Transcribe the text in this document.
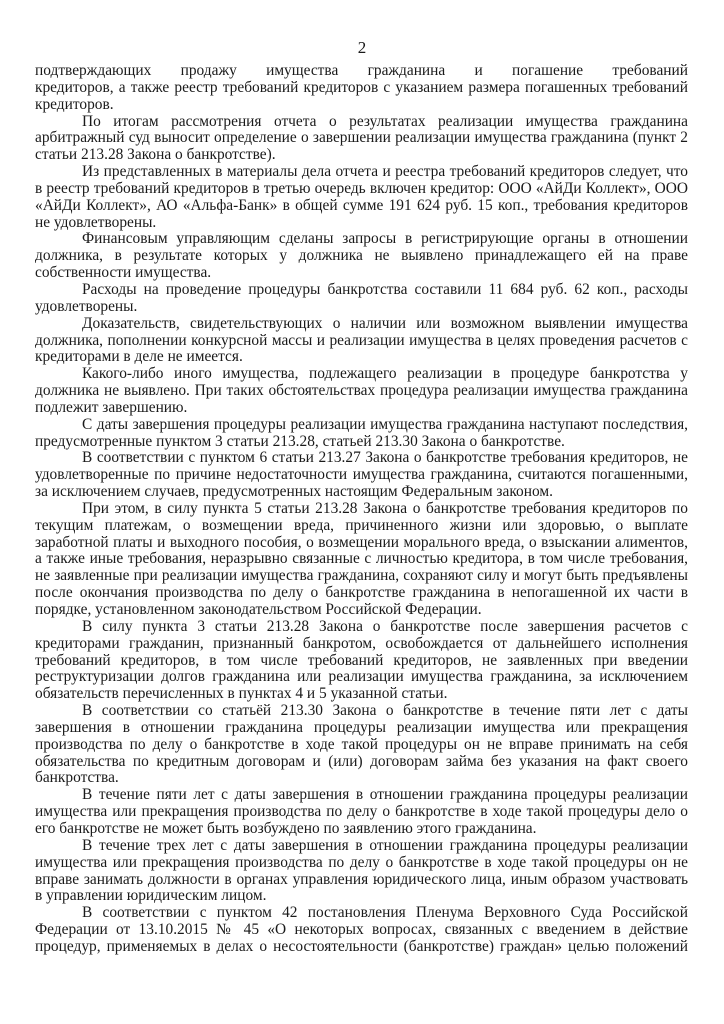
2
подтверждающих продажу имущества гражданина и погашение требований
кредиторов, а также реестр требований кредиторов с указанием размера погашенных требований
кредиторов.
По итогам рассмотрения отчета о результатах реализации имущества гражданина
арбитражный суд выносит определение о завершении реализации имущества гражданина (пункт 2
статьи 213.28 Закона о банкротстве).
Из представленных в материалы дела отчета и реестра требований кредиторов следует, что
в реестр требований кредиторов в третью очередь включен кредитор: ООО «АйДи Коллект», ООО
«АйДи Коллект», АО «Альфа-Банк» в общей сумме 191 624 руб. 15 коп., требования кредиторов
не удовлетворены.
Финансовым управляющим сделаны запросы в регистрирующие органы в отношении
должника, в результате которых у должника не выявлено принадлежащего ей на праве
собственности имущества.
Расходы на проведение процедуры банкротства составили 11 684 руб. 62 коп., расходы
удовлетворены.
Доказательств, свидетельствующих о наличии или возможном выявлении имущества
должника, пополнении конкурсной массы и реализации имущества в целях проведения расчетов с
кредиторами в деле не имеется.
Какого-либо иного имущества, подлежащего реализации в процедуре банкротства у
должника не выявлено. При таких обстоятельствах процедура реализации имущества гражданина
подлежит завершению.
С даты завершения процедуры реализации имущества гражданина наступают последствия,
предусмотренные пунктом 3 статьи 213.28, статьей 213.30 Закона о банкротстве.
В соответствии с пунктом 6 статьи 213.27 Закона о банкротстве требования кредиторов, не
удовлетворенные по причине недостаточности имущества гражданина, считаются погашенными,
за исключением случаев, предусмотренных настоящим Федеральным законом.
При этом, в силу пункта 5 статьи 213.28 Закона о банкротстве требования кредиторов по
текущим платежам, о возмещении вреда, причиненного жизни или здоровью, о выплате
заработной платы и выходного пособия, о возмещении морального вреда, о взыскании алиментов,
а также иные требования, неразрывно связанные с личностью кредитора, в том числе требования,
не заявленные при реализации имущества гражданина, сохраняют силу и могут быть предъявлены
после окончания производства по делу о банкротстве гражданина в непогашенной их части в
порядке, установленном законодательством Российской Федерации.
В силу пункта 3 статьи 213.28 Закона о банкротстве после завершения расчетов с
кредиторами гражданин, признанный банкротом, освобождается от дальнейшего исполнения
требований кредиторов, в том числе требований кредиторов, не заявленных при введении
реструктуризации долгов гражданина или реализации имущества гражданина, за исключением
обязательств перечисленных в пунктах 4 и 5 указанной статьи.
В соответствии со статьёй 213.30 Закона о банкротстве в течение пяти лет с даты
завершения в отношении гражданина процедуры реализации имущества или прекращения
производства по делу о банкротстве в ходе такой процедуры он не вправе принимать на себя
обязательства по кредитным договорам и (или) договорам займа без указания на факт своего
банкротства.
В течение пяти лет с даты завершения в отношении гражданина процедуры реализации
имущества или прекращения производства по делу о банкротстве в ходе такой процедуры дело о
его банкротстве не может быть возбуждено по заявлению этого гражданина.
В течение трех лет с даты завершения в отношении гражданина процедуры реализации
имущества или прекращения производства по делу о банкротстве в ходе такой процедуры он не
вправе занимать должности в органах управления юридического лица, иным образом участвовать
в управлении юридическим лицом.
В соответствии с пунктом 42 постановления Пленума Верховного Суда Российской
Федерации от 13.10.2015 № 45 «О некоторых вопросах, связанных с введением в действие
процедур, применяемых в делах о несостоятельности (банкротстве) граждан» целью положений
